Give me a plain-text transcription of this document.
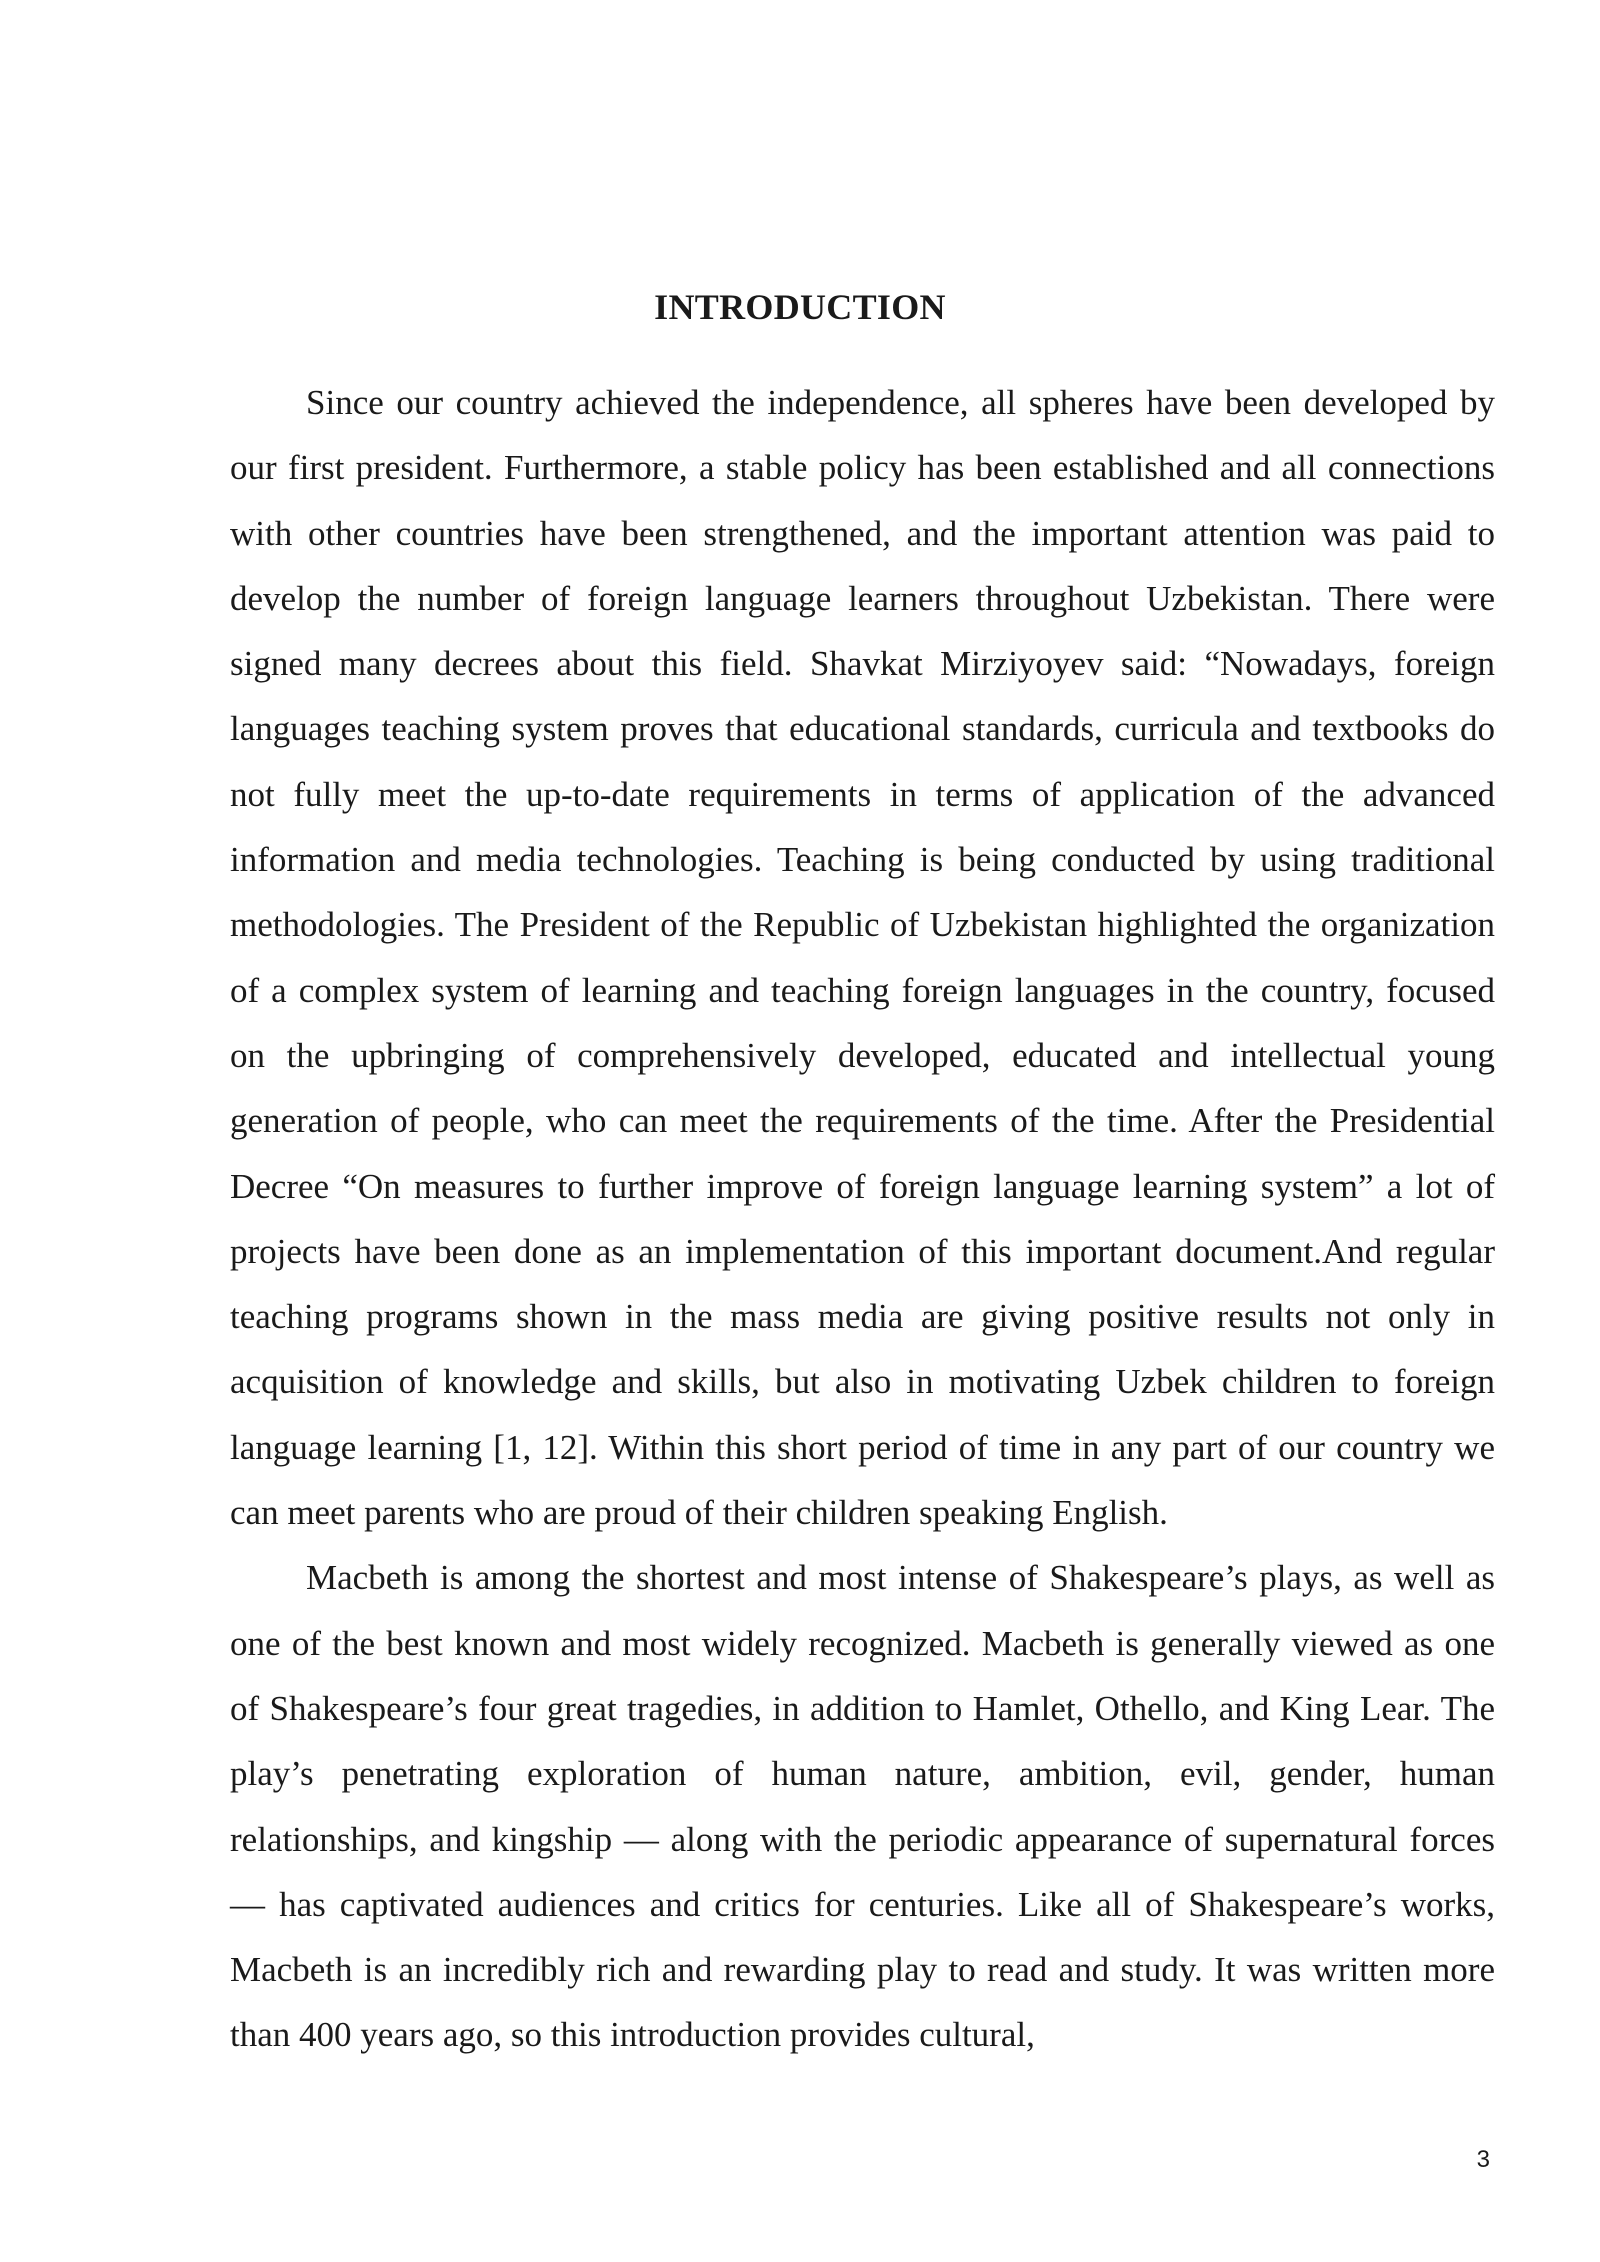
INTRODUCTION

Since our country achieved the independence, all spheres have been developed by our first president. Furthermore, a stable policy has been established and all connections with other countries have been strengthened, and the important attention was paid to develop the number of foreign language learners throughout Uzbekistan. There were signed many decrees about this field. Shavkat Mirziyoyev said: “Nowadays, foreign languages teaching system proves that educational standards, curricula and textbooks do not fully meet the up-to-date requirements in terms of application of the advanced information and media technologies. Teaching is being conducted by using traditional methodologies. The President of the Republic of Uzbekistan highlighted the organization of a complex system of learning and teaching foreign languages in the country, focused on the upbringing of comprehensively developed, educated and intellectual young generation of people, who can meet the requirements of the time. After the Presidential Decree “On measures to further improve of foreign language learning system” a lot of projects have been done as an implementation of this important document.And regular teaching programs shown in the mass media are giving positive results not only in acquisition of knowledge and skills, but also in motivating Uzbek children to foreign language learning [1, 12]. Within this short period of time in any part of our country we can meet parents who are proud of their children speaking English.

Macbeth is among the shortest and most intense of Shakespeare’s plays, as well as one of the best known and most widely recognized. Macbeth is generally viewed as one of Shakespeare’s four great tragedies, in addition to Hamlet, Othello, and King Lear. The play’s penetrating exploration of human nature, ambition, evil, gender, human relationships, and kingship — along with the periodic appearance of supernatural forces — has captivated audiences and critics for centuries. Like all of Shakespeare’s works, Macbeth is an incredibly rich and rewarding play to read and study. It was written more than 400 years ago, so this introduction provides cultural,

3
